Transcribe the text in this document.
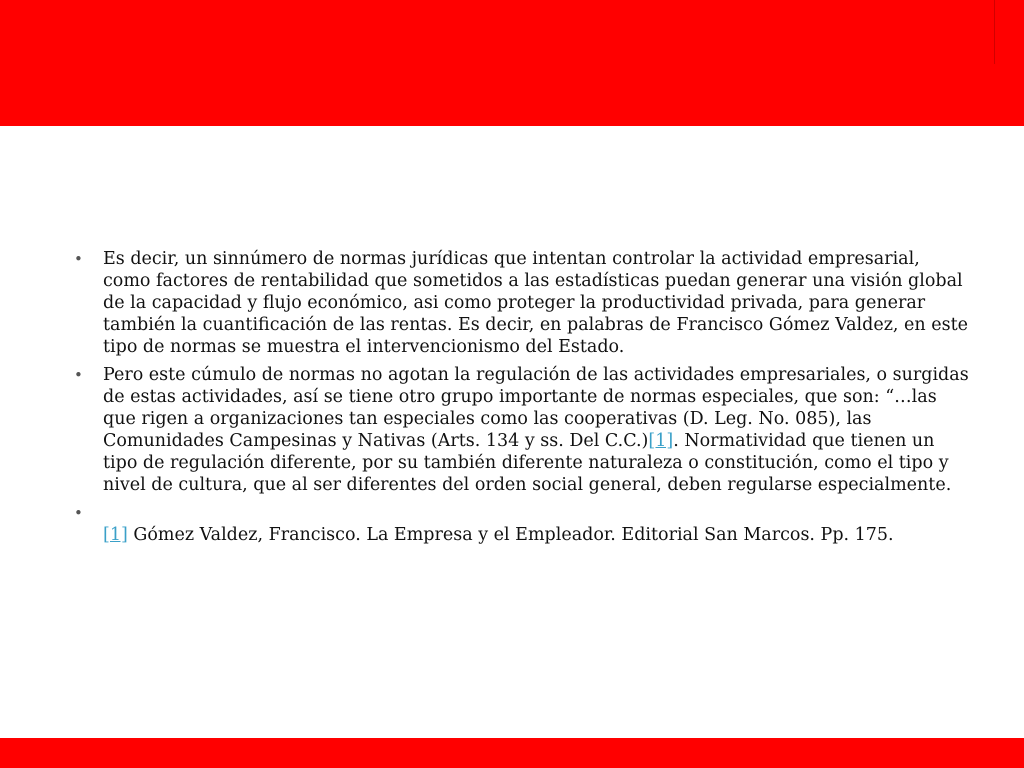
• Es decir, un sinnúmero de normas jurídicas que intentan controlar la actividad empresarial, como factores de rentabilidad que sometidos a las estadísticas puedan generar una visión global de la capacidad y flujo económico, asi como proteger la productividad privada, para generar también la cuantificación de las rentas. Es decir, en palabras de Francisco Gómez Valdez, en este tipo de normas se muestra el intervencionismo del Estado.
• Pero este cúmulo de normas no agotan la regulación de las actividades empresariales, o surgidas de estas actividades, así se tiene otro grupo importante de normas especiales, que son: “…las que rigen a organizaciones tan especiales como las cooperativas (D. Leg. No. 085), las Comunidades Campesinas y Nativas (Arts. 134 y ss. Del C.C.)[1]. Normatividad que tienen un tipo de regulación diferente, por su también diferente naturaleza o constitución, como el tipo y nivel de cultura, que al ser diferentes del orden social general, deben regularse especialmente.
•
[1] Gómez Valdez, Francisco. La Empresa y el Empleador. Editorial San Marcos. Pp. 175.
